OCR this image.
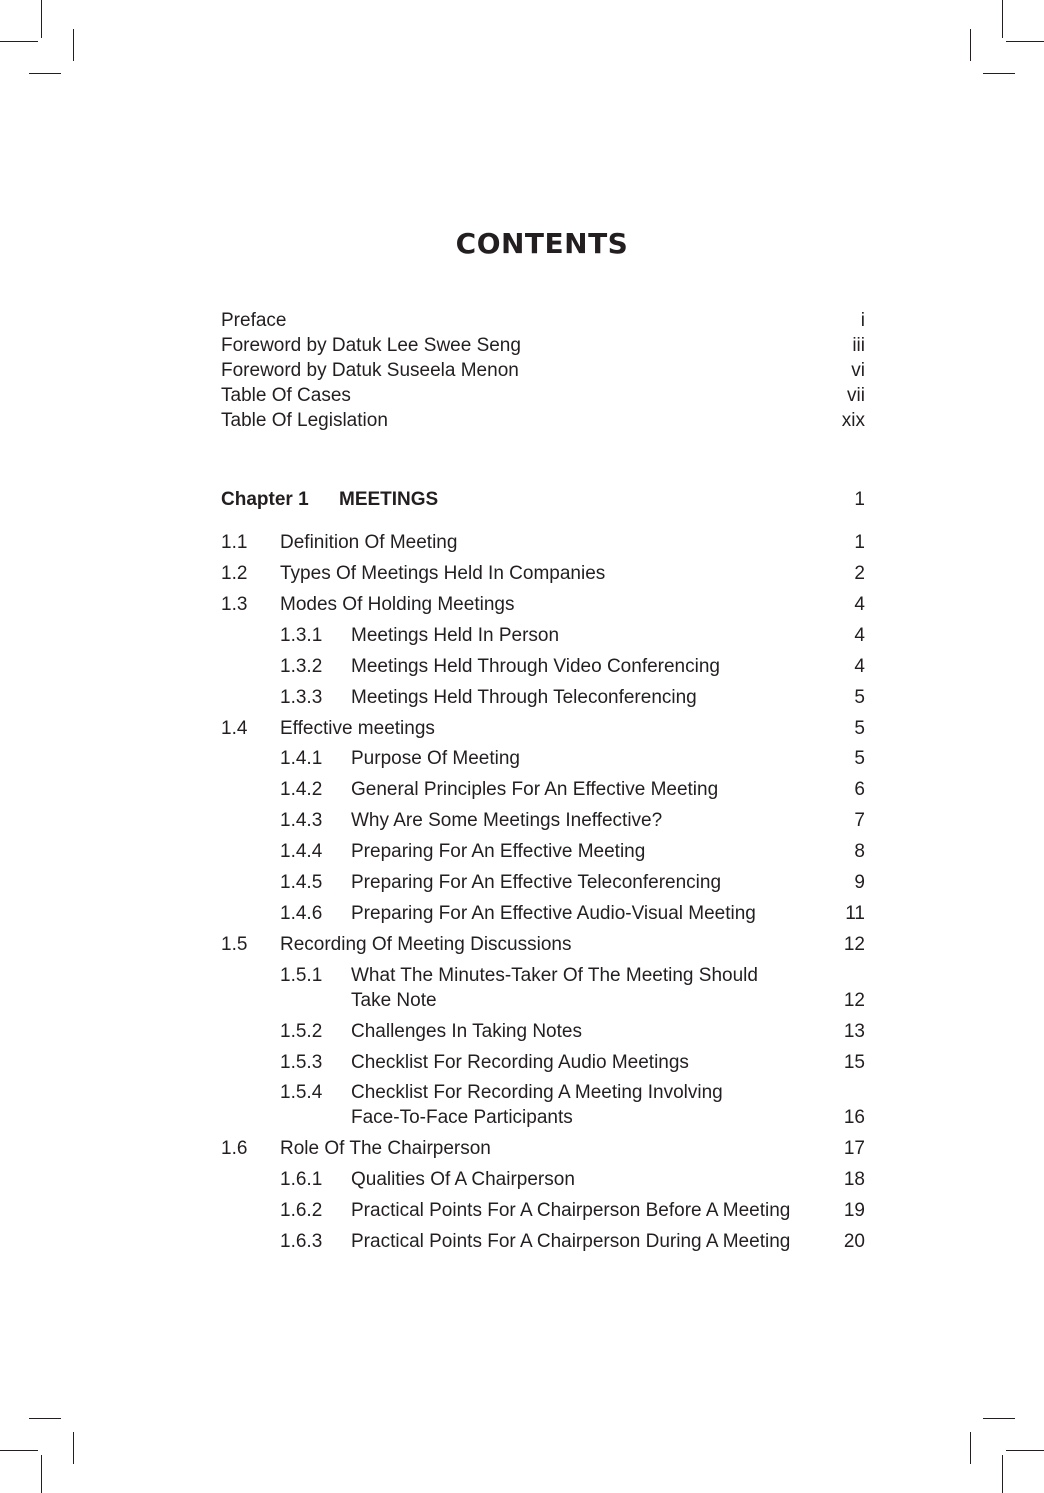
CONTENTS
Preface	i
Foreword by Datuk Lee Swee Seng	iii
Foreword by Datuk Suseela Menon	vi
Table Of Cases	vii
Table Of Legislation	xix
Chapter 1 MEETINGS	1
1.1 Definition Of Meeting	1
1.2 Types Of Meetings Held In Companies	2
1.3 Modes Of Holding Meetings	4
1.3.1 Meetings Held In Person	4
1.3.2 Meetings Held Through Video Conferencing	4
1.3.3 Meetings Held Through Teleconferencing	5
1.4 Effective meetings	5
1.4.1 Purpose Of Meeting	5
1.4.2 General Principles For An Effective Meeting	6
1.4.3 Why Are Some Meetings Ineffective?	7
1.4.4 Preparing For An Effective Meeting	8
1.4.5 Preparing For An Effective Teleconferencing	9
1.4.6 Preparing For An Effective Audio-Visual Meeting	11
1.5 Recording Of Meeting Discussions	12
1.5.1 What The Minutes-Taker Of The Meeting Should
Take Note	12
1.5.2 Challenges In Taking Notes	13
1.5.3 Checklist For Recording Audio Meetings	15
1.5.4 Checklist For Recording A Meeting Involving
Face-To-Face Participants	16
1.6 Role Of The Chairperson	17
1.6.1 Qualities Of A Chairperson	18
1.6.2 Practical Points For A Chairperson Before A Meeting	19
1.6.3 Practical Points For A Chairperson During A Meeting	20
